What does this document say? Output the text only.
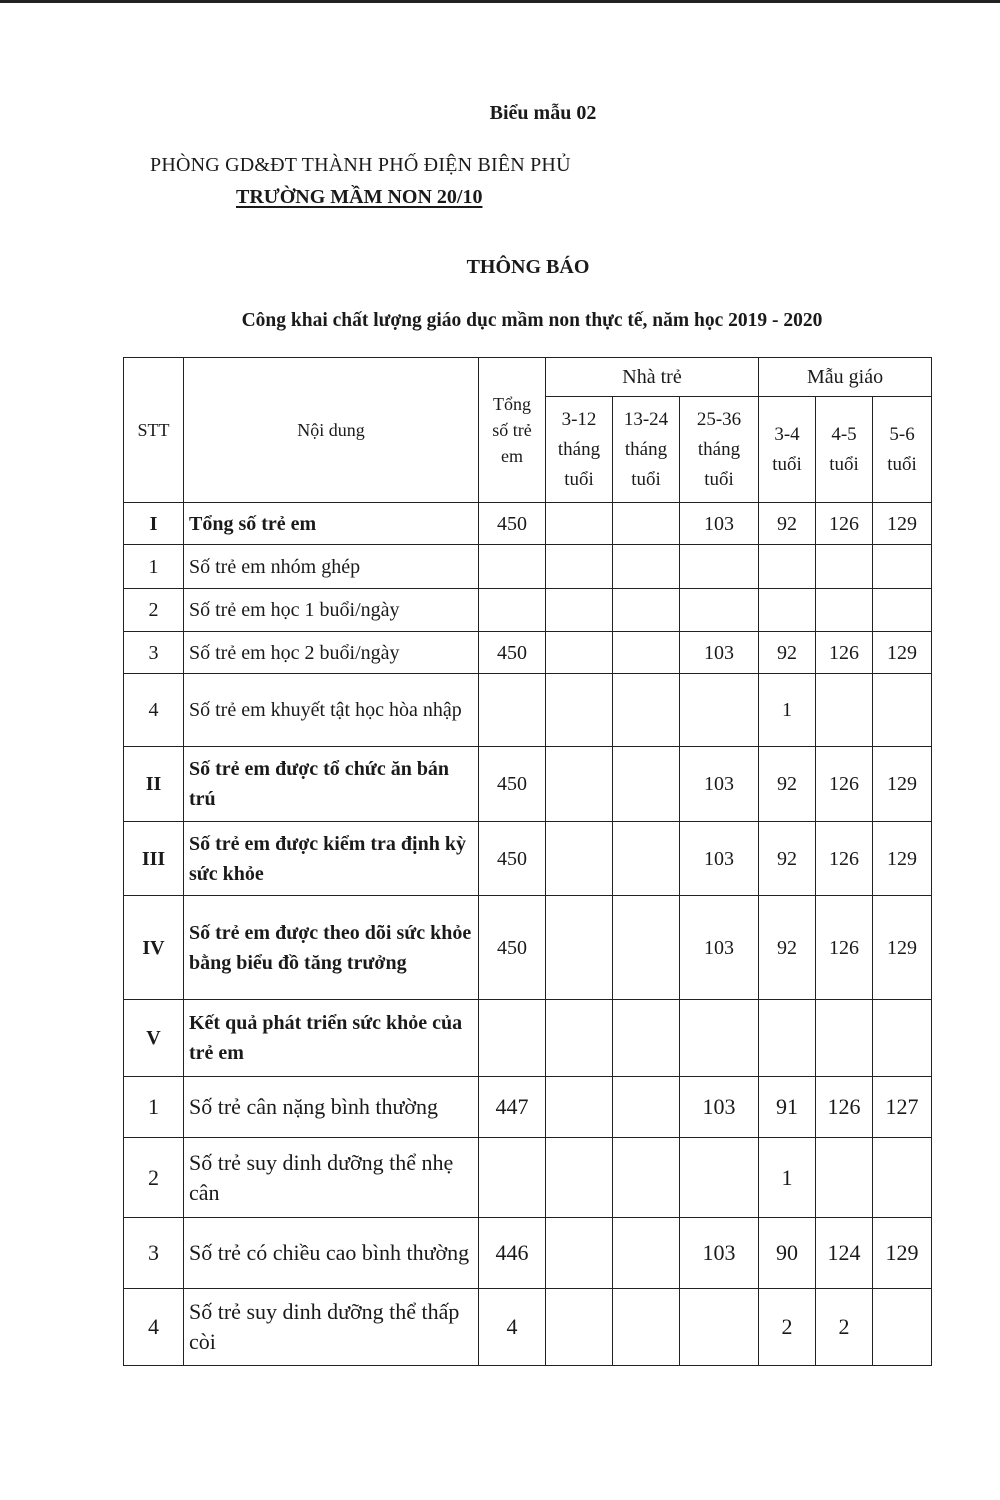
Biểu mẫu 02
PHÒNG GD&ĐT THÀNH PHỐ ĐIỆN BIÊN PHỦ
TRƯỜNG MẦM NON 20/10
THÔNG BÁO
Công khai chất lượng giáo dục mầm non thực tế, năm học 2019 - 2020
STT	Nội dung	Tổng số trẻ em	Nhà trẻ			Mẫu giáo		
			3-12 tháng tuổi	13-24 tháng tuổi	25-36 tháng tuổi	3-4 tuổi	4-5 tuổi	5-6 tuổi
I	Tổng số trẻ em	450			103	92	126	129
1	Số trẻ em nhóm ghép							
2	Số trẻ em học 1 buổi/ngày							
3	Số trẻ em học 2 buổi/ngày	450			103	92	126	129
4	Số trẻ em khuyết tật học hòa nhập					1		
II	Số trẻ em được tổ chức ăn bán trú	450			103	92	126	129
III	Số trẻ em được kiểm tra định kỳ sức khỏe	450			103	92	126	129
IV	Số trẻ em được theo dõi sức khỏe bằng biểu đồ tăng trưởng	450			103	92	126	129
V	Kết quả phát triển sức khỏe của trẻ em							
1	Số trẻ cân nặng bình thường	447			103	91	126	127
2	Số trẻ suy dinh dưỡng thể nhẹ cân					1		
3	Số trẻ có chiều cao bình thường	446			103	90	124	129
4	Số trẻ suy dinh dưỡng thể thấp còi	4				2	2	
